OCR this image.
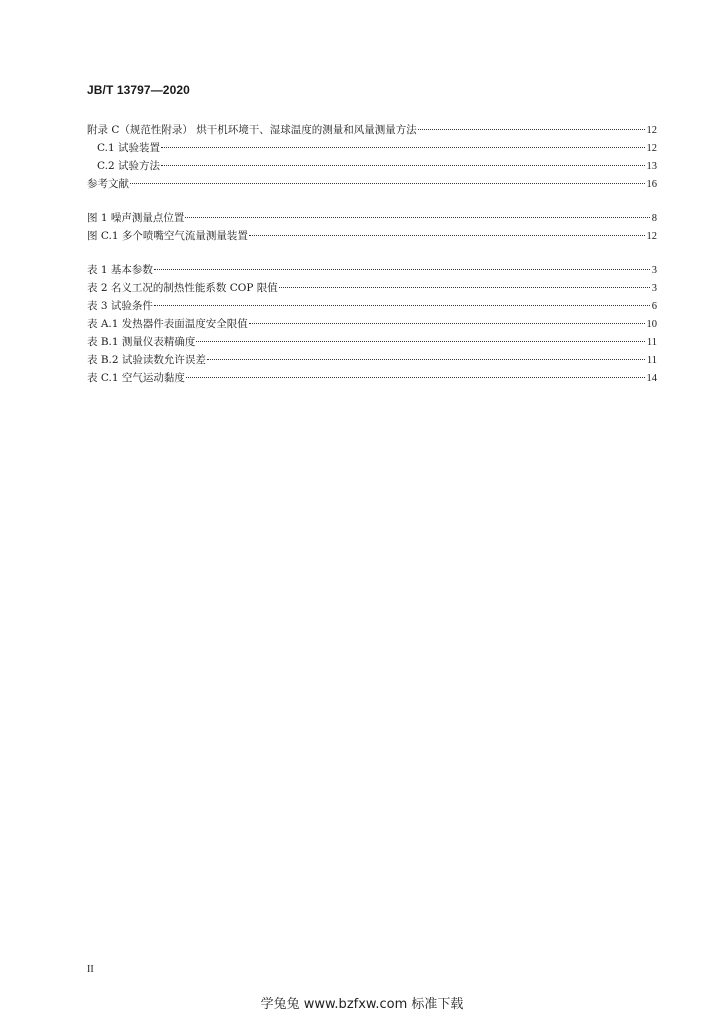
JB/T 13797—2020
附录 C（规范性附录） 烘干机环境干、湿球温度的测量和风量测量方法	12
C.1 试验装置	12
C.2 试验方法	13
参考文献	16
图 1 噪声测量点位置	8
图 C.1 多个喷嘴空气流量测量装置	12
表 1 基本参数	3
表 2 名义工况的制热性能系数 COP 限值	3
表 3 试验条件	6
表 A.1 发热器件表面温度安全限值	10
表 B.1 测量仪表精确度	11
表 B.2 试验读数允许误差	11
表 C.1 空气运动黏度	14
II
学兔兔 www.bzfxw.com 标准下载
